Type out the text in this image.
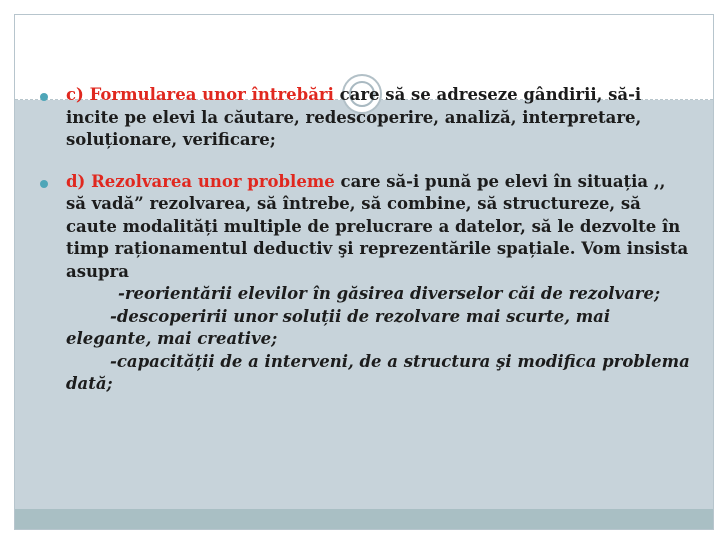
c) Formularea unor întrebări care să se adreseze gândirii, să-i incite pe elevi la căutare, redescoperire, analiză, interpretare, soluționare, verificare;

d) Rezolvarea unor probleme care să-i pună pe elevi în situația ,, să vadă” rezolvarea, să întrebe, să combine, să structureze, să caute modalități multiple de prelucrare a datelor, să le dezvolte în timp raționamentul deductiv şi reprezentările spațiale. Vom insista asupra
-reorientării elevilor în găsirea diverselor căi de rezolvare;
-descoperirii unor soluții de rezolvare mai scurte, mai elegante, mai creative;
-capacității de a interveni, de a structura şi modifica problema dată;
